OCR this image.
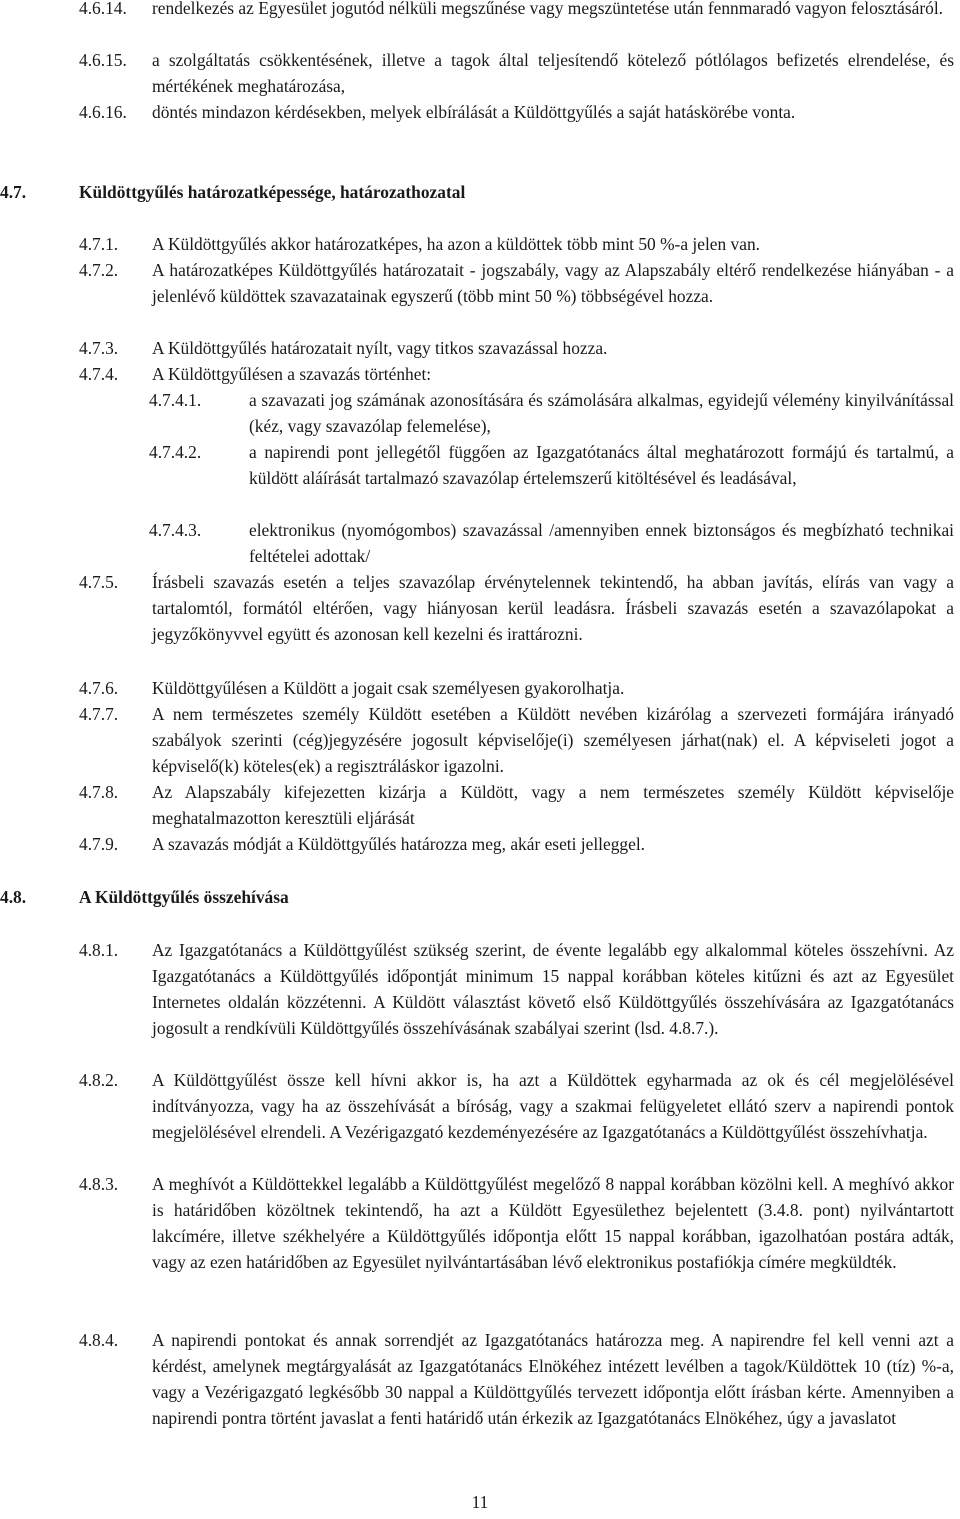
4.6.14. rendelkezés az Egyesület jogutód nélküli megszűnése vagy megszüntetése után fennmaradó vagyon felosztásáról.
4.6.15. a szolgáltatás csökkentésének, illetve a tagok által teljesítendő kötelező pótlólagos befizetés elrendelése, és mértékének meghatározása,
4.6.16. döntés mindazon kérdésekben, melyek elbírálását a Küldöttgyűlés a saját hatáskörébe vonta.
4.7.	Küldöttgyűlés határozatképessége, határozathozatal
4.7.1. A Küldöttgyűlés akkor határozatképes, ha azon a küldöttek több mint 50 %-a jelen van.
4.7.2. A határozatképes Küldöttgyűlés határozatait - jogszabály, vagy az Alapszabály eltérő rendelkezése hiányában - a jelenlévő küldöttek szavazatainak egyszerű (több mint 50 %) többségével hozza.
4.7.3. A Küldöttgyűlés határozatait nyílt, vagy titkos szavazással hozza.
4.7.4. A Küldöttgyűlésen a szavazás történhet:
4.7.4.1.	a szavazati jog számának azonosítására és számolására alkalmas, egyidejű vélemény kinyilvánítással (kéz, vagy szavazólap felemelése),
4.7.4.2.	a napirendi pont jellegétől függően az Igazgatótanács által meghatározott formájú és tartalmú, a küldött aláírását tartalmazó szavazólap értelemszerű kitöltésével és leadásával,
4.7.4.3.	elektronikus (nyomógombos) szavazással /amennyiben ennek biztonságos és megbízható technikai feltételei adottak/
4.7.5. Írásbeli szavazás esetén a teljes szavazólap érvénytelennek tekintendő, ha abban javítás, elírás van vagy a tartalomtól, formától eltérően, vagy hiányosan kerül leadásra. Írásbeli szavazás esetén a szavazólapokat a jegyzőkönyvvel együtt és azonosan kell kezelni és irattározni.
4.7.6. Küldöttgyűlésen a Küldött a jogait csak személyesen gyakorolhatja.
4.7.7. A nem természetes személy Küldött esetében a Küldött nevében kizárólag a szervezeti formájára irányadó szabályok szerinti (cég)jegyzésére jogosult képviselője(i) személyesen járhat(nak) el. A képviseleti jogot a képviselő(k) köteles(ek) a regisztráláskor igazolni.
4.7.8. Az Alapszabály kifejezetten kizárja a Küldött, vagy a nem természetes személy Küldött képviselője meghatalmazotton keresztüli eljárását
4.7.9. A szavazás módját a Küldöttgyűlés határozza meg, akár eseti jelleggel.
4.8.	A Küldöttgyűlés összehívása
4.8.1. Az Igazgatótanács a Küldöttgyűlést szükség szerint, de évente legalább egy alkalommal köteles összehívni. Az Igazgatótanács a Küldöttgyűlés időpontját minimum 15 nappal korábban köteles kitűzni és azt az Egyesület Internetes oldalán közzétenni. A Küldött választást követő első Küldöttgyűlés összehívására az Igazgatótanács jogosult a rendkívüli Küldöttgyűlés összehívásának szabályai szerint (lsd. 4.8.7.).
4.8.2. A Küldöttgyűlést össze kell hívni akkor is, ha azt a Küldöttek egyharmada az ok és cél megjelölésével indítványozza, vagy ha az összehívását a bíróság, vagy a szakmai felügyeletet ellátó szerv a napirendi pontok megjelölésével elrendeli. A Vezérigazgató kezdeményezésére az Igazgatótanács a Küldöttgyűlést összehívhatja.
4.8.3. A meghívót a Küldöttekkel legalább a Küldöttgyűlést megelőző 8 nappal korábban közölni kell. A meghívó akkor is határidőben közöltnek tekintendő, ha azt a Küldött Egyesülethez bejelentett (3.4.8. pont) nyilvántartott lakcímére, illetve székhelyére a Küldöttgyűlés időpontja előtt 15 nappal korábban, igazolhatóan postára adták, vagy az ezen határidőben az Egyesület nyilvántartásában lévő elektronikus postafiókja címére megküldték.
4.8.4. A napirendi pontokat és annak sorrendjét az Igazgatótanács határozza meg. A napirendre fel kell venni azt a kérdést, amelynek megtárgyalását az Igazgatótanács Elnökéhez intézett levélben a tagok/Küldöttek 10 (tíz) %-a, vagy a Vezérigazgató legkésőbb 30 nappal a Küldöttgyűlés tervezett időpontja előtt írásban kérte. Amennyiben a napirendi pontra történt javaslat a fenti határidő után érkezik az Igazgatótanács Elnökéhez, úgy a javaslatot
11
